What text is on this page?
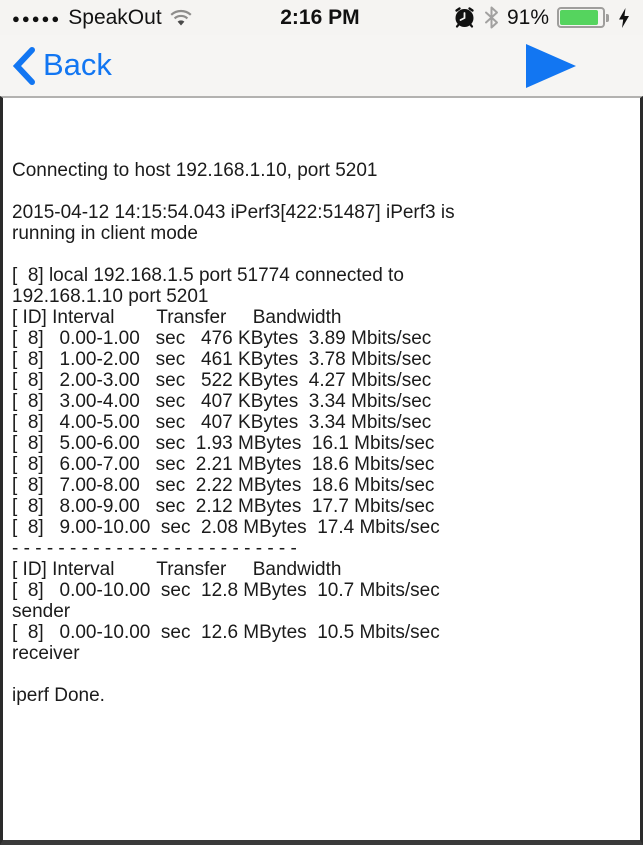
●●●●● SpeakOut	2:16 PM	91%
Back
Connecting to host 192.168.1.10, port 5201

2015-04-12 14:15:54.043 iPerf3[422:51487] iPerf3 is
running in client mode

[  8] local 192.168.1.5 port 51774 connected to
192.168.1.10 port 5201
[ ID] Interval        Transfer     Bandwidth
[  8]   0.00-1.00   sec   476 KBytes  3.89 Mbits/sec
[  8]   1.00-2.00   sec   461 KBytes  3.78 Mbits/sec
[  8]   2.00-3.00   sec   522 KBytes  4.27 Mbits/sec
[  8]   3.00-4.00   sec   407 KBytes  3.34 Mbits/sec
[  8]   4.00-5.00   sec   407 KBytes  3.34 Mbits/sec
[  8]   5.00-6.00   sec  1.93 MBytes  16.1 Mbits/sec
[  8]   6.00-7.00   sec  2.21 MBytes  18.6 Mbits/sec
[  8]   7.00-8.00   sec  2.22 MBytes  18.6 Mbits/sec
[  8]   8.00-9.00   sec  2.12 MBytes  17.7 Mbits/sec
[  8]   9.00-10.00  sec  2.08 MBytes  17.4 Mbits/sec
- - - - - - - - - - - - - - - - - - - - - - - - -
[ ID] Interval        Transfer     Bandwidth
[  8]   0.00-10.00  sec  12.8 MBytes  10.7 Mbits/sec
sender
[  8]   0.00-10.00  sec  12.6 MBytes  10.5 Mbits/sec
receiver

iperf Done.
